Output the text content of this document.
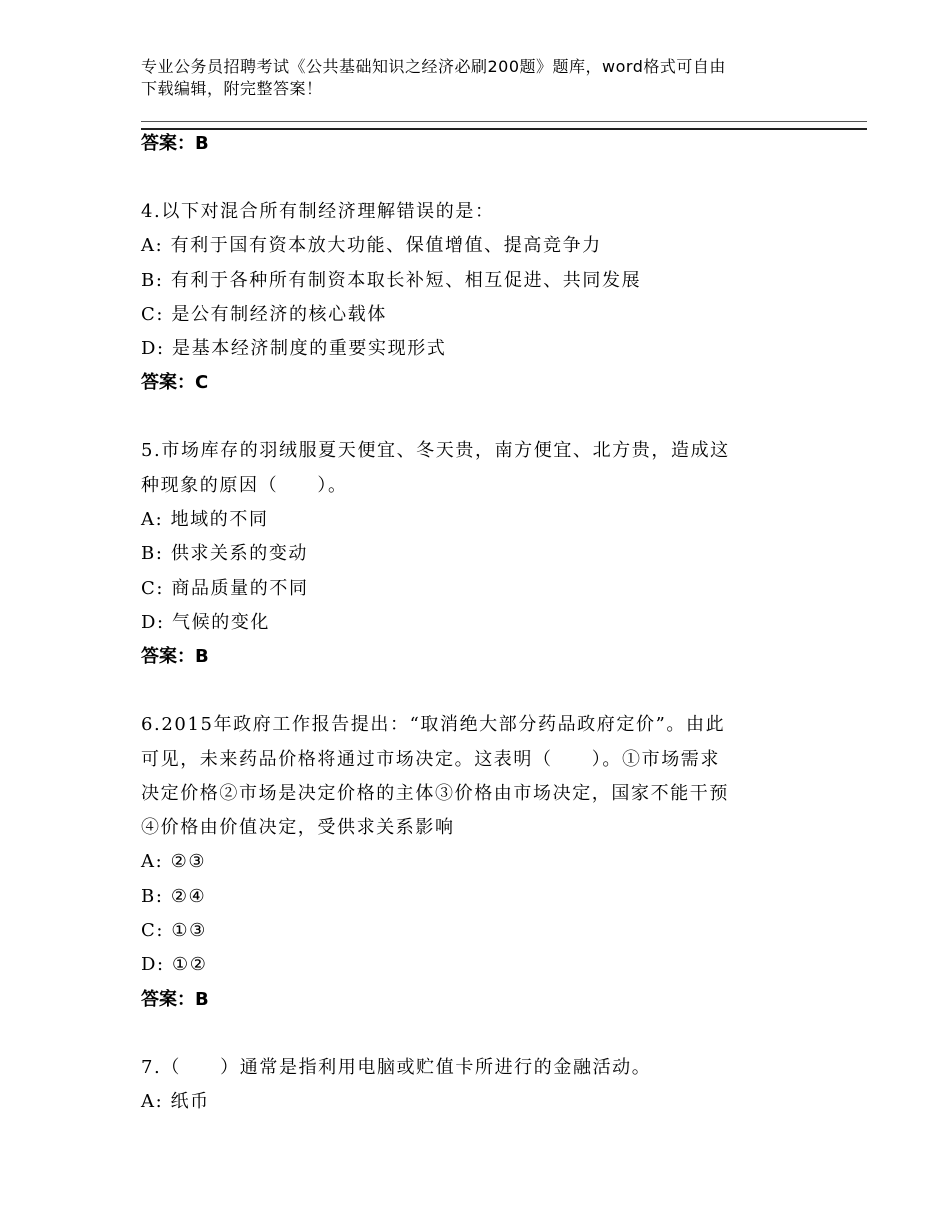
专业公务员招聘考试《公共基础知识之经济必刷200题》题库，word格式可自由
下载编辑，附完整答案！
答案：B
4.以下对混合所有制经济理解错误的是：
A: 有利于国有资本放大功能、保值增值、提高竞争力
B: 有利于各种所有制资本取长补短、相互促进、共同发展
C: 是公有制经济的核心载体
D: 是基本经济制度的重要实现形式
答案：C
5.市场库存的羽绒服夏天便宜、冬天贵，南方便宜、北方贵，造成这
种现象的原因（　　）。
A: 地域的不同
B: 供求关系的变动
C: 商品质量的不同
D: 气候的变化
答案：B
6.2015年政府工作报告提出：“取消绝大部分药品政府定价”。由此
可见，未来药品价格将通过市场决定。这表明（　　）。①市场需求
决定价格②市场是决定价格的主体③价格由市场决定，国家不能干预
④价格由价值决定，受供求关系影响
A: ②③
B: ②④
C: ①③
D: ①②
答案：B
7.（　　）通常是指利用电脑或贮值卡所进行的金融活动。
A: 纸币
